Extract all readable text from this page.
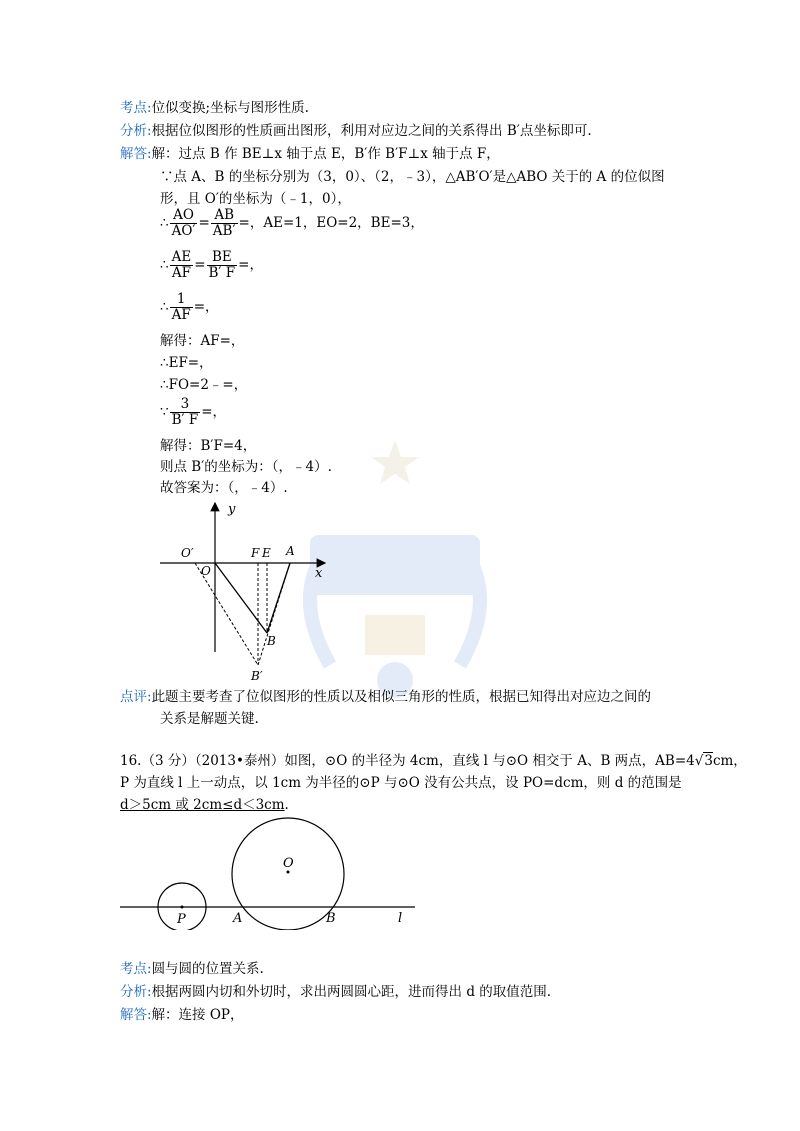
考点:位似变换;坐标与图形性质.
分析:根据位似图形的性质画出图形，利用对应边之间的关系得出 B′点坐标即可.
解答:解：过点 B 作 BE⊥x 轴于点 E，B′作 B′F⊥x 轴于点 F，
∵点 A、B 的坐标分别为（3，0）、（2，﹣3），△AB′O′是△ABO 关于的 A 的位似图
形，且 O′的坐标为（﹣1，0），
∴ $\frac{AO}{AO'} = \frac{AB}{AB'}$ =，AE=1，EO=2，BE=3，
∴ $\frac{AE}{AF} = \frac{BE}{B' F}$ =，
∴ $\frac{1}{AF}$ =，
解得：AF=，
∴EF=，
∴FO=2﹣=，
∵ $\frac{3}{B' F}$ =，
解得：B′F=4，
则点 B′的坐标为：（，﹣4）.
故答案为：（，﹣4）.
y
x
O′
O
F E A
B
B′
点评:此题主要考查了位似图形的性质以及相似三角形的性质，根据已知得出对应边之间的
关系是解题关键.
16.（3 分）（2013•泰州）如图，⊙O 的半径为 4cm，直线 l 与⊙O 相交于 A、B 两点，AB=4√3cm，
P 为直线 l 上一动点，以 1cm 为半径的⊙P 与⊙O 没有公共点，设 PO=dcm，则 d 的范围是
d＞5cm 或 2cm≤d＜3cm.
O
P	A	B	l
考点:圆与圆的位置关系.
分析:根据两圆内切和外切时，求出两圆圆心距，进而得出 d 的取值范围.
解答:解：连接 OP，
